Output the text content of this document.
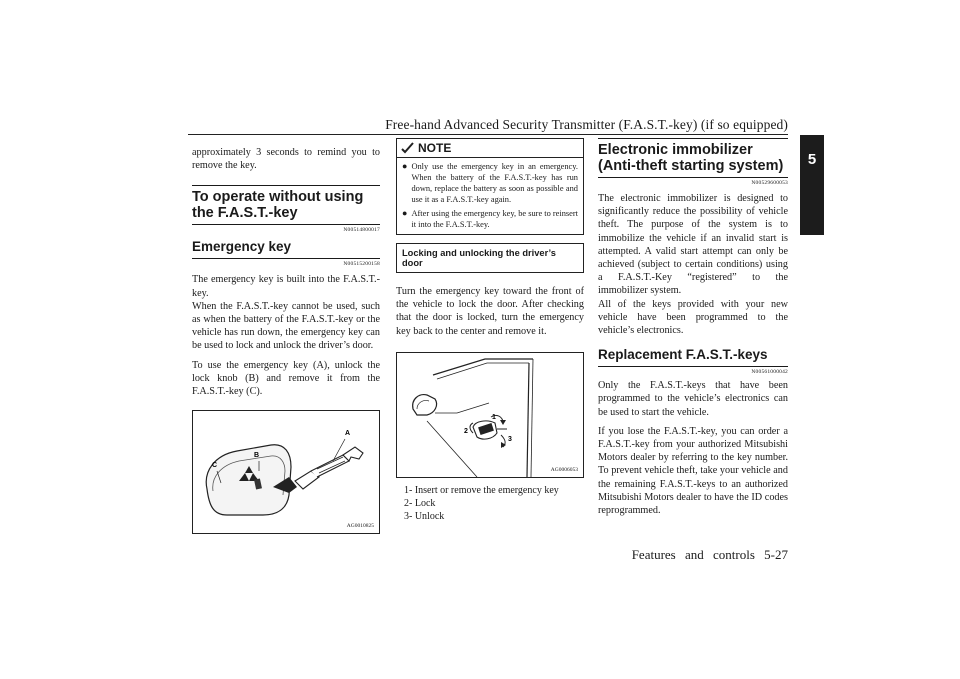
Free-hand Advanced Security Transmitter (F.A.S.T.-key) (if so equipped)
5

approximately 3 seconds to remind you to remove the key.

To operate without using the F.A.S.T.-key
N00514800017
Emergency key
N00515200158

The emergency key is built into the F.A.S.T.-key.

When the F.A.S.T.-key cannot be used, such as when the battery of the F.A.S.T.-key or the vehicle has run down, the emergency key can be used to lock and unlock the driver’s door.

To use the emergency key (A), unlock the lock knob (B) and remove it from the F.A.S.T.-key (C).

A
B
C
AG0010825
NOTE
● Only use the emergency key in an emergency. When the battery of the F.A.S.T.-key has run down, replace the battery as soon as possible and use it as a F.A.S.T.-key again.
● After using the emergency key, be sure to reinsert it into the F.A.S.T.-key.
Locking and unlocking the driver’s door

Turn the emergency key toward the front of the vehicle to lock the door. After checking that the door is locked, turn the emergency key back to the center and remove it.

1
2
3
AG0006053
1- Insert or remove the emergency key
2- Lock
3- Unlock
Electronic immobilizer (Anti-theft starting system)
N00529600053

The electronic immobilizer is designed to significantly reduce the possibility of vehicle theft. The purpose of the system is to immobilize the vehicle if an invalid start is attempted. A valid start attempt can only be achieved (subject to certain conditions) using a F.A.S.T.-Key “registered” to the immobilizer system.

All of the keys provided with your new vehicle have been programmed to the vehicle’s electronics.

Replacement F.A.S.T.-keys
N00561000042

Only the F.A.S.T.-keys that have been programmed to the vehicle’s electronics can be used to start the vehicle.

If you lose the F.A.S.T.-key, you can order a F.A.S.T.-key from your authorized Mitsubishi Motors dealer by referring to the key number. To prevent vehicle theft, take your vehicle and the remaining F.A.S.T.-keys to an authorized Mitsubishi Motors dealer to have the ID codes reprogrammed.

Features and controls 5-27
